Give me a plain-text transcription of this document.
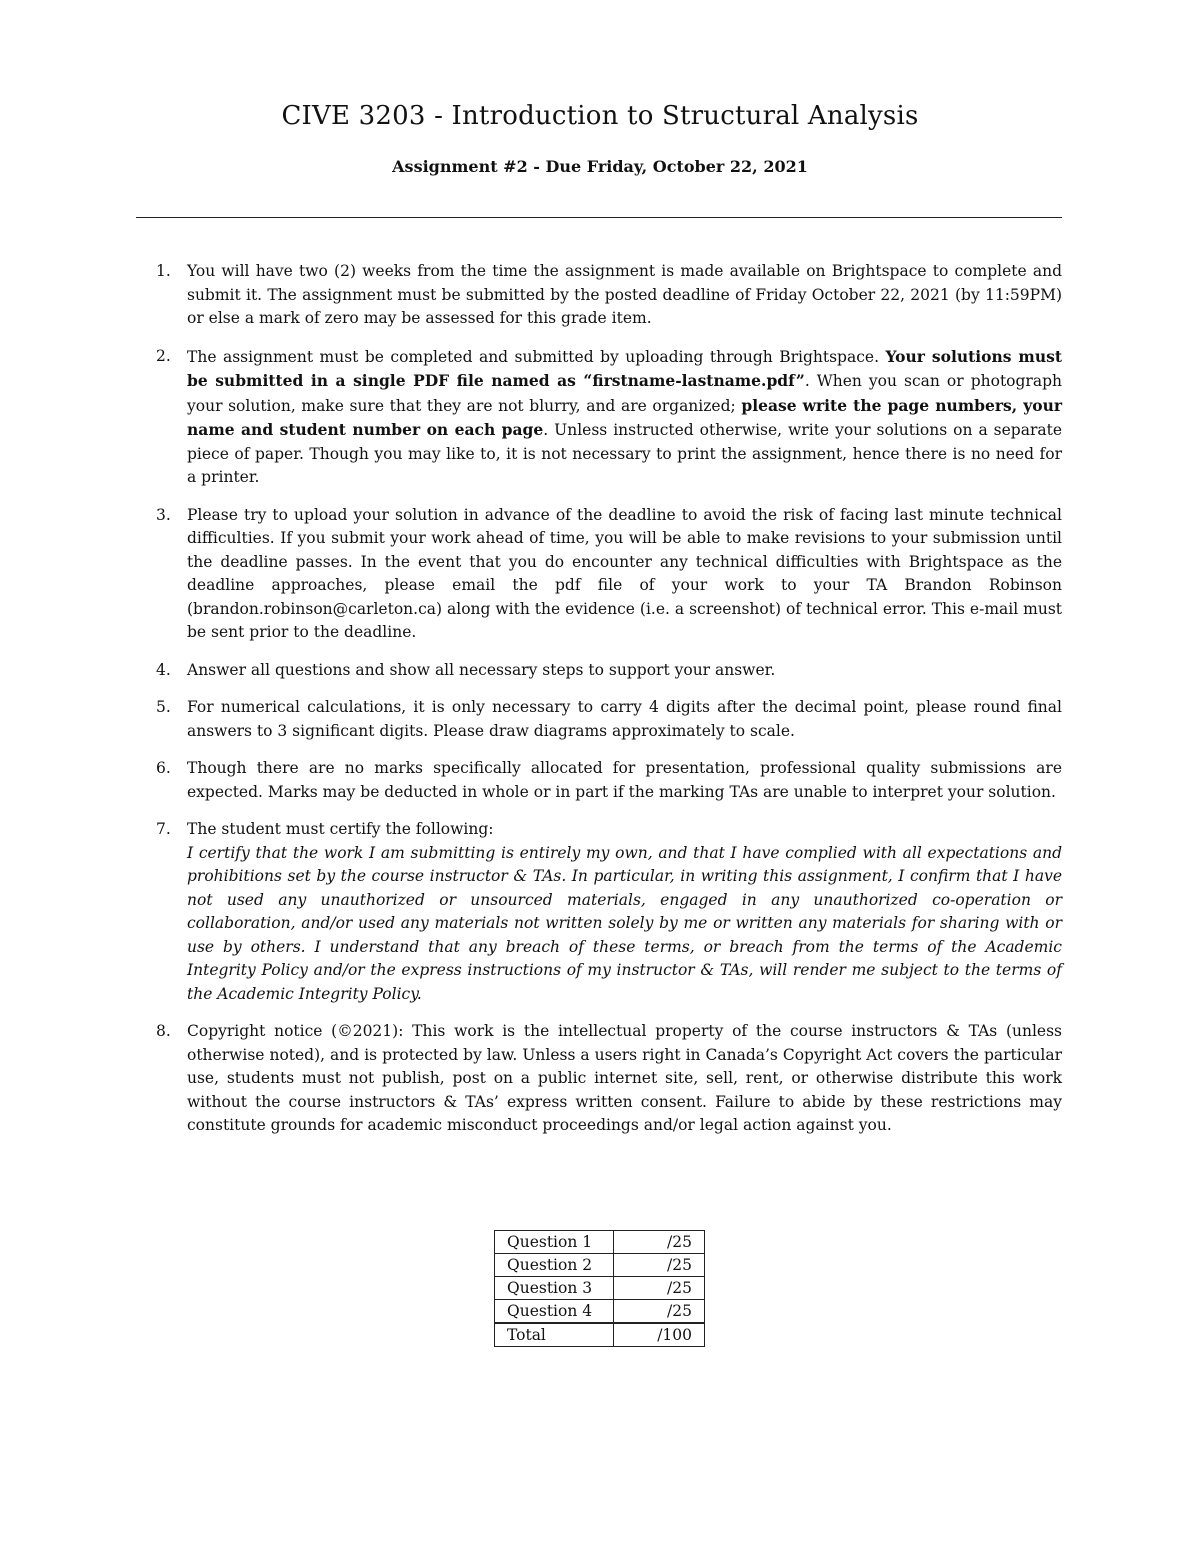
CIVE 3203 - Introduction to Structural Analysis
Assignment #2 - Due Friday, October 22, 2021
1.	You will have two (2) weeks from the time the assignment is made available on Brightspace to complete and submit it. The assignment must be submitted by the posted deadline of Friday October 22, 2021 (by 11:59PM) or else a mark of zero may be assessed for this grade item.
2.	The assignment must be completed and submitted by uploading through Brightspace. Your solutions must be submitted in a single PDF file named as “firstname-lastname.pdf”. When you scan or photograph your solution, make sure that they are not blurry, and are organized; please write the page numbers, your name and student number on each page. Unless instructed otherwise, write your solutions on a separate piece of paper. Though you may like to, it is not necessary to print the assignment, hence there is no need for a printer.
3.	Please try to upload your solution in advance of the deadline to avoid the risk of facing last minute technical difficulties. If you submit your work ahead of time, you will be able to make revisions to your submission until the deadline passes. In the event that you do encounter any technical difficulties with Brightspace as the deadline approaches, please email the pdf file of your work to your TA Brandon Robinson (brandon.robinson@carleton.ca) along with the evidence (i.e. a screenshot) of technical error. This e-mail must be sent prior to the deadline.
4.	Answer all questions and show all necessary steps to support your answer.
5.	For numerical calculations, it is only necessary to carry 4 digits after the decimal point, please round final answers to 3 significant digits. Please draw diagrams approximately to scale.
6.	Though there are no marks specifically allocated for presentation, professional quality submissions are expected. Marks may be deducted in whole or in part if the marking TAs are unable to interpret your solution.
7.	The student must certify the following:
I certify that the work I am submitting is entirely my own, and that I have complied with all expectations and prohibitions set by the course instructor & TAs. In particular, in writing this assignment, I confirm that I have not used any unauthorized or unsourced materials, engaged in any unauthorized co-operation or collaboration, and/or used any materials not written solely by me or written any materials for sharing with or use by others. I understand that any breach of these terms, or breach from the terms of the Academic Integrity Policy and/or the express instructions of my instructor & TAs, will render me subject to the terms of the Academic Integrity Policy.
8.	Copyright notice (©2021): This work is the intellectual property of the course instructors & TAs (unless otherwise noted), and is protected by law. Unless a users right in Canada’s Copyright Act covers the particular use, students must not publish, post on a public internet site, sell, rent, or otherwise distribute this work without the course instructors & TAs’ express written consent. Failure to abide by these restrictions may constitute grounds for academic misconduct proceedings and/or legal action against you.
Question 1	/25
Question 2	/25
Question 3	/25
Question 4	/25
Total	/100
